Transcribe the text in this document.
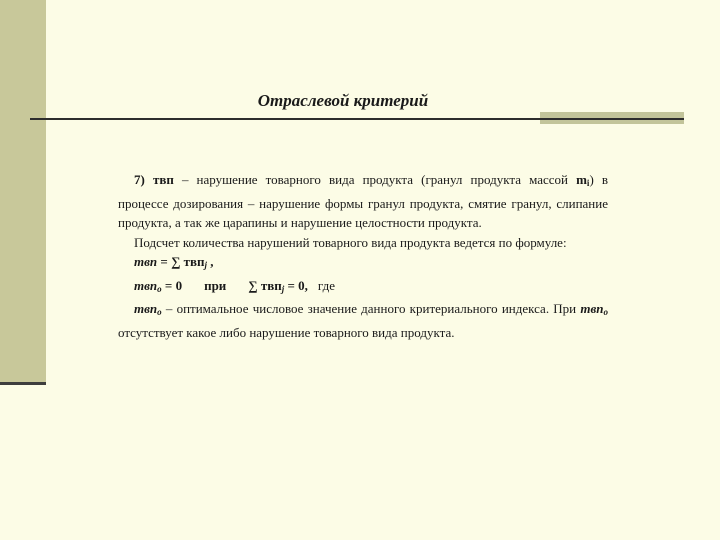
Отраслевой критерий

7) твп – нарушение товарного вида продукта (гранул продукта массой $m_i$) в процессе дозирования – нарушение формы гранул продукта, смятие гранул, слипание продукта, а так же царапины и нарушение целостности продукта.

Подсчет количества нарушений товарного вида продукта ведется по формуле:

твп = ∑ твп$_j$ ,

твп$_о$ = 0 при ∑ твп$_j$ = 0, где

твп$_о$ – оптимальное числовое значение данного критериального индекса. При твп$_о$ отсутствует какое либо нарушение товарного вида продукта.
